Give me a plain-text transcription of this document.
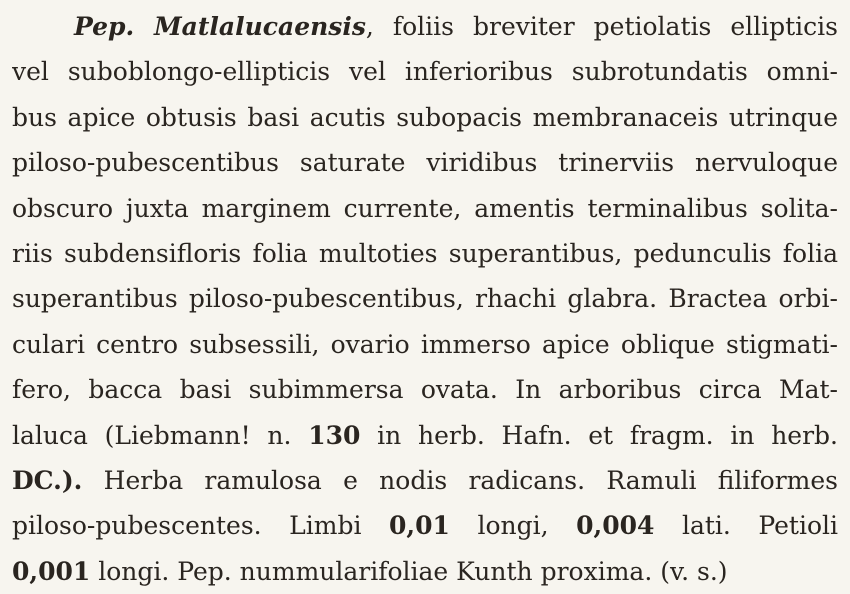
Pep. Matlalucaensis, foliis breviter petiolatis ellipticis
vel suboblongo-ellipticis vel inferioribus subrotundatis omni-
bus apice obtusis basi acutis subopacis membranaceis utrinque
piloso-pubescentibus saturate viridibus trinerviis nervuloque
obscuro juxta marginem currente, amentis terminalibus solita-
riis subdensifloris folia multoties superantibus, pedunculis folia
superantibus piloso-pubescentibus, rhachi glabra. Bractea orbi-
culari centro subsessili, ovario immerso apice oblique stigmati-
fero, bacca basi subimmersa ovata. In arboribus circa Mat-
lalucа (Liebmann! n. 130 in herb. Hafn. et fragm. in herb.
DC.). Herba ramulosa e nodis radicans. Ramuli filiformes
piloso-pubescentes. Limbi 0,01 longi, 0,004 lati. Petioli
0,001 longi. Pep. nummularifoliae Kunth proxima. (v. s.)
